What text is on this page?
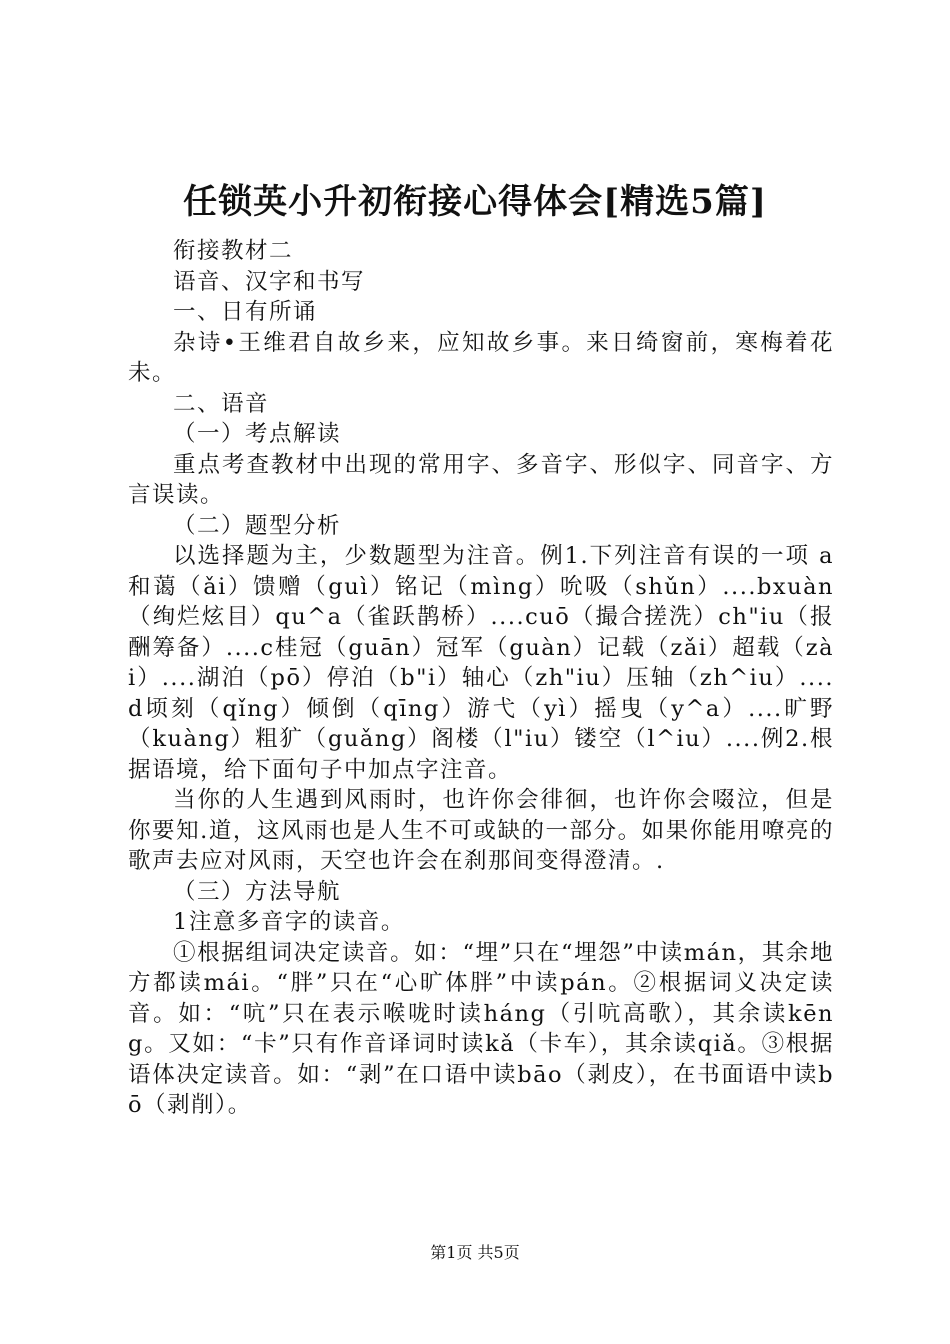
任锁英小升初衔接心得体会[精选5篇]

衔接教材二

语音、汉字和书写

一、日有所诵

杂诗•王维君自故乡来，应知故乡事。来日绮窗前，寒梅着花未。

二、语音

（一）考点解读

重点考查教材中出现的常用字、多音字、形似字、同音字、方言误读。

（二）题型分析

以选择题为主，少数题型为注音。例1.下列注音有误的一项 a 和蔼（ǎi）馈赠（guì）铭记（mìng）吮吸（shǔn）....bxuàn（绚烂炫目）qu^a（雀跃鹊桥）....cuō（撮合搓洗）ch"iu（报酬筹备）....c桂冠（guān）冠军（guàn）记载（zǎi）超载（zài）....湖泊（pō）停泊（b"i）轴心（zh"iu）压轴（zh^iu）....d顷刻（qǐng）倾倒（qīng）游弋（yì）摇曳（y^a）....旷野（kuàng）粗犷（guǎng）阁楼（l"iu）镂空（l^iu）....例2.根据语境，给下面句子中加点字注音。

当你的人生遇到风雨时，也许你会徘徊，也许你会啜泣，但是你要知.道，这风雨也是人生不可或缺的一部分。如果你能用嘹亮的歌声去应对风雨，天空也许会在刹那间变得澄清。.

（三）方法导航

1注意多音字的读音。

①根据组词决定读音。如：“埋”只在“埋怨”中读mán，其余地方都读mái。“胖”只在“心旷体胖”中读pán。②根据词义决定读音。如：“吭”只在表示喉咙时读háng（引吭高歌），其余读kēng。又如：“卡”只有作音译词时读kǎ（卡车），其余读qiǎ。③根据语体决定读音。如：“剥”在口语中读bāo（剥皮），在书面语中读bō（剥削）。

第1页 共5页
